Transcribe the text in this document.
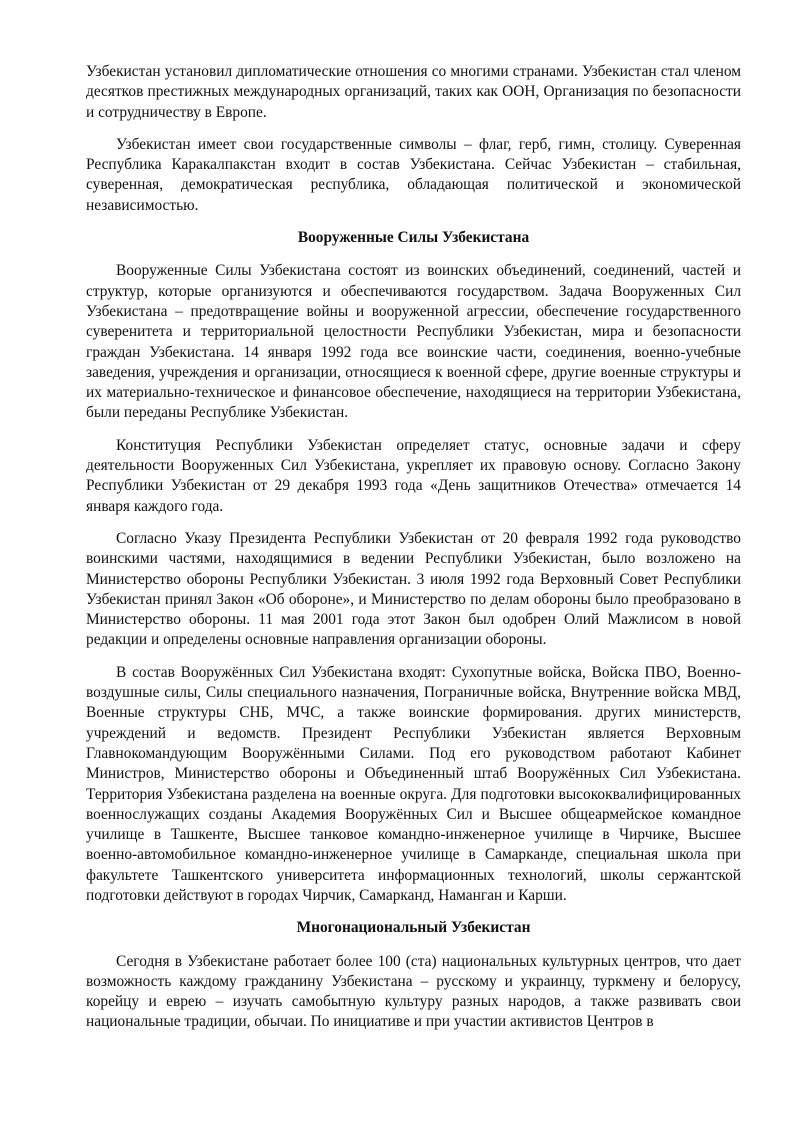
Узбекистан установил дипломатические отношения со многими странами. Узбекистан стал членом десятков престижных международных организаций, таких как ООН, Организация по безопасности и сотрудничеству в Европе.

Узбекистан имеет свои государственные символы – флаг, герб, гимн, столицу. Суверенная Республика Каракалпакстан входит в состав Узбекистана. Сейчас Узбекистан – стабильная, суверенная, демократическая республика, обладающая политической и экономической независимостью.

Вооруженные Силы Узбекистана

Вооруженные Силы Узбекистана состоят из воинских объединений, соединений, частей и структур, которые организуются и обеспечиваются государством. Задача Вооруженных Сил Узбекистана – предотвращение войны и вооруженной агрессии, обеспечение государственного суверенитета и территориальной целостности Республики Узбекистан, мира и безопасности граждан Узбекистана. 14 января 1992 года все воинские части, соединения, военно-учебные заведения, учреждения и организации, относящиеся к военной сфере, другие военные структуры и их материально-техническое и финансовое обеспечение, находящиеся на территории Узбекистана, были переданы Республике Узбекистан.

Конституция Республики Узбекистан определяет статус, основные задачи и сферу деятельности Вооруженных Сил Узбекистана, укрепляет их правовую основу. Согласно Закону Республики Узбекистан от 29 декабря 1993 года «День защитников Отечества» отмечается 14 января каждого года.

Согласно Указу Президента Республики Узбекистан от 20 февраля 1992 года руководство воинскими частями, находящимися в ведении Республики Узбекистан, было возложено на Министерство обороны Республики Узбекистан. 3 июля 1992 года Верховный Совет Республики Узбекистан принял Закон «Об обороне», и Министерство по делам обороны было преобразовано в Министерство обороны. 11 мая 2001 года этот Закон был одобрен Олий Мажлисом в новой редакции и определены основные направления организации обороны.

В состав Вооружённых Сил Узбекистана входят: Сухопутные войска, Войска ПВО, Военно-воздушные силы, Силы специального назначения, Пограничные войска, Внутренние войска МВД, Военные структуры СНБ, МЧС, а также воинские формирования. других министерств, учреждений и ведомств. Президент Республики Узбекистан является Верховным Главнокомандующим Вооружёнными Силами. Под его руководством работают Кабинет Министров, Министерство обороны и Объединенный штаб Вооружённых Сил Узбекистана. Территория Узбекистана разделена на военные округа. Для подготовки высококвалифицированных военнослужащих созданы Академия Вооружённых Сил и Высшее общеармейское командное училище в Ташкенте, Высшее танковое командно-инженерное училище в Чирчике, Высшее военно-автомобильное командно-инженерное училище в Самарканде, специальная школа при факультете Ташкентского университета информационных технологий, школы сержантской подготовки действуют в городах Чирчик, Самарканд, Наманган и Карши.

Многонациональный Узбекистан

Сегодня в Узбекистане работает более 100 (ста) национальных культурных центров, что дает возможность каждому гражданину Узбекистана – русскому и украинцу, туркмену и белорусу, корейцу и еврею – изучать самобытную культуру разных народов, а также развивать свои национальные традиции, обычаи. По инициативе и при участии активистов Центров в
